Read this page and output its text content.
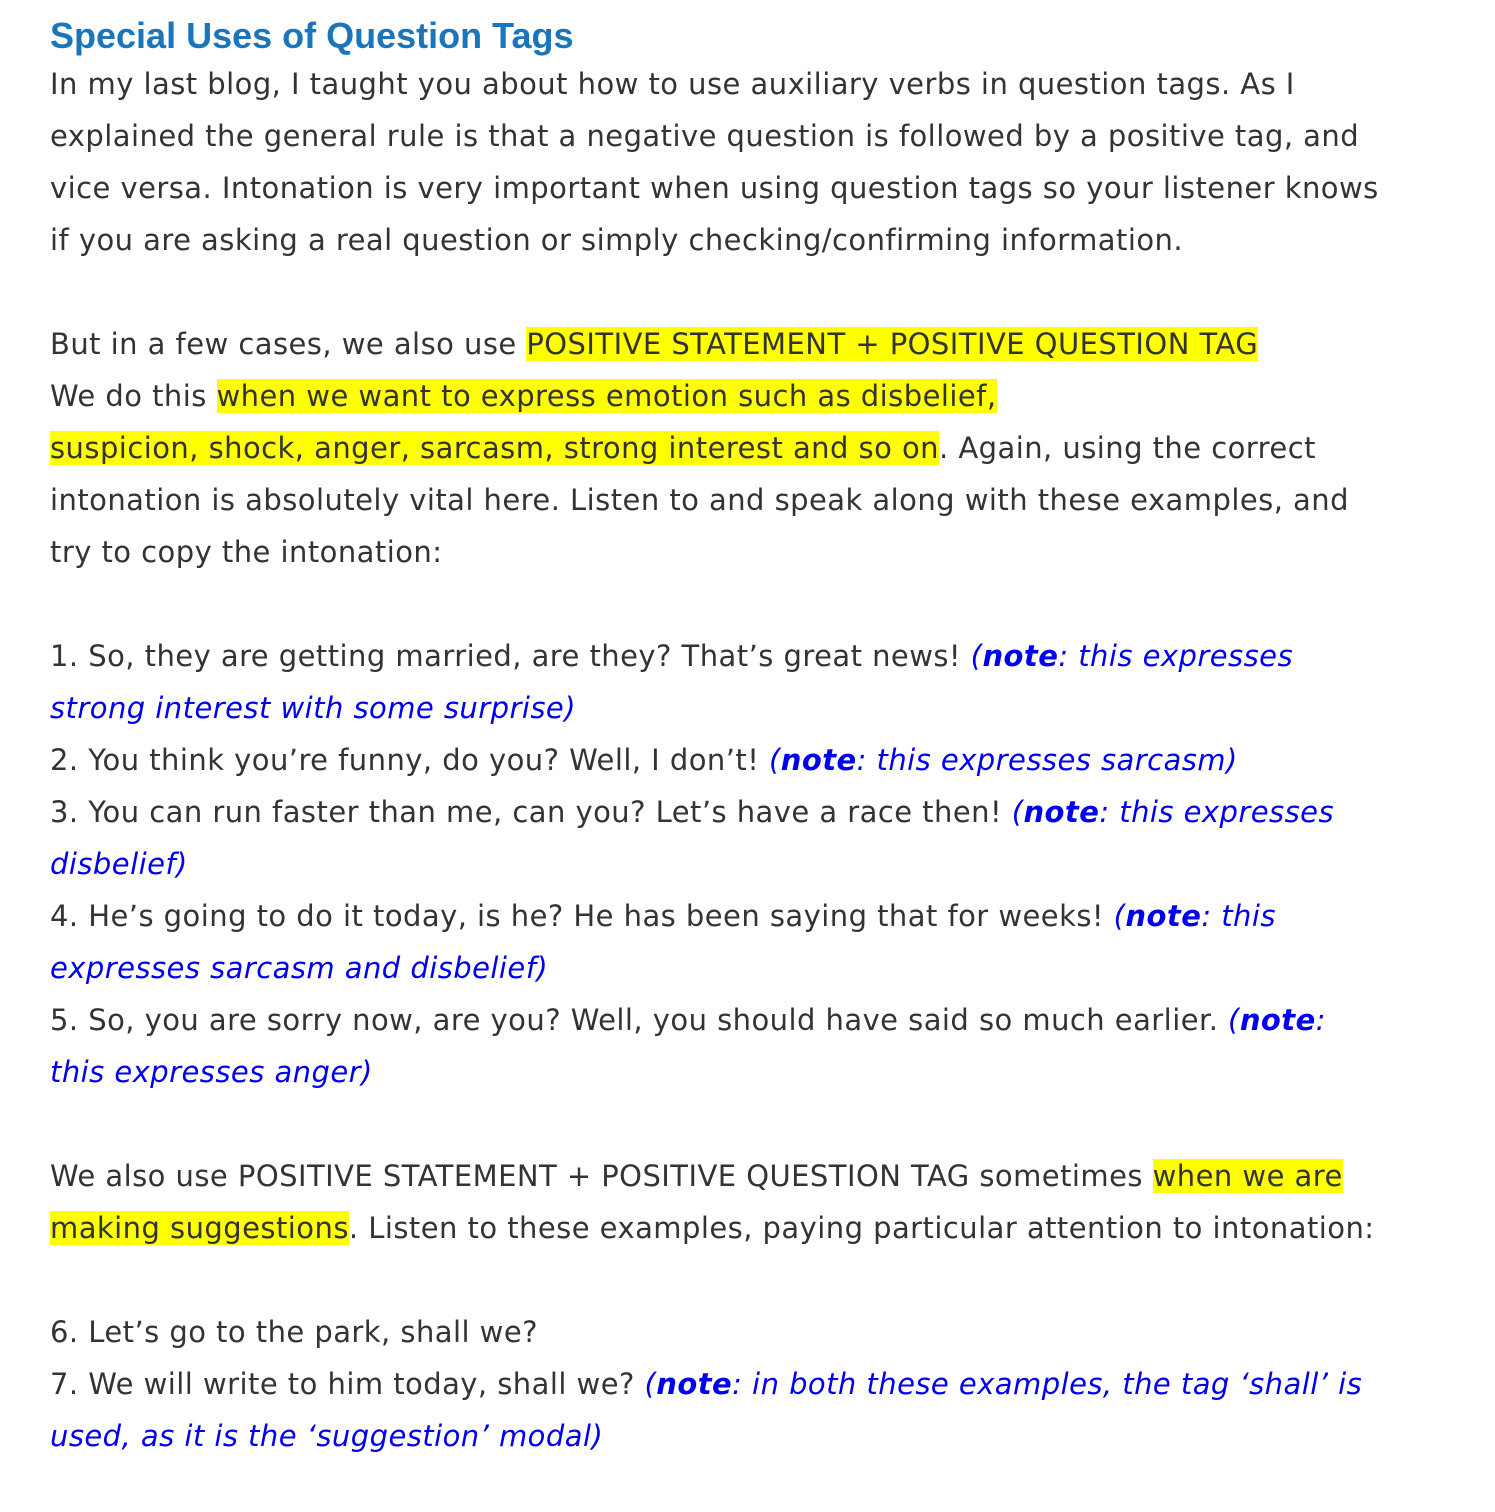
Special Uses of Question Tags

In my last blog, I taught you about how to use auxiliary verbs in question tags. As I
explained the general rule is that a negative question is followed by a positive tag, and
vice versa. Intonation is very important when using question tags so your listener knows
if you are asking a real question or simply checking/confirming information.

But in a few cases, we also use POSITIVE STATEMENT + POSITIVE QUESTION TAG
We do this when we want to express emotion such as disbelief,
suspicion, shock, anger, sarcasm, strong interest and so on. Again, using the correct
intonation is absolutely vital here. Listen to and speak along with these examples, and
try to copy the intonation:

1. So, they are getting married, are they? That’s great news! (note: this expresses
strong interest with some surprise)
2. You think you’re funny, do you? Well, I don’t! (note: this expresses sarcasm)
3. You can run faster than me, can you? Let’s have a race then! (note: this expresses
disbelief)
4. He’s going to do it today, is he? He has been saying that for weeks! (note: this
expresses sarcasm and disbelief)
5. So, you are sorry now, are you? Well, you should have said so much earlier. (note:
this expresses anger)

We also use POSITIVE STATEMENT + POSITIVE QUESTION TAG sometimes when we are
making suggestions. Listen to these examples, paying particular attention to intonation:

6. Let’s go to the park, shall we?
7. We will write to him today, shall we? (note: in both these examples, the tag ‘shall’ is
used, as it is the ‘suggestion’ modal)
